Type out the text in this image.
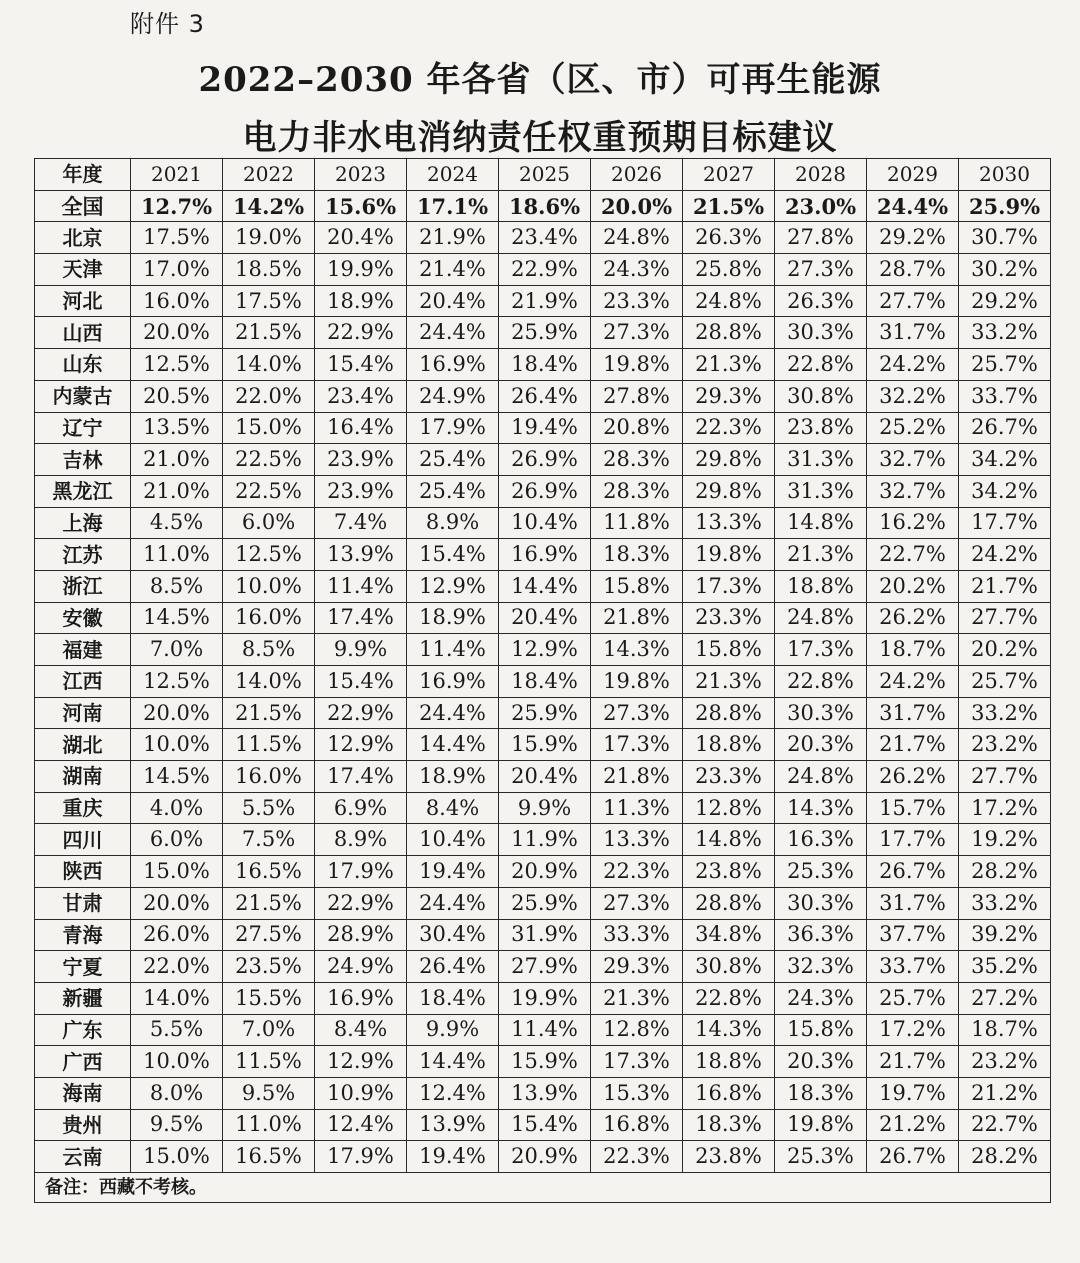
附件 3
2022–2030 年各省（区、市）可再生能源
电力非水电消纳责任权重预期目标建议
年度	2021	2022	2023	2024	2025	2026	2027	2028	2029	2030
全国	12.7%	14.2%	15.6%	17.1%	18.6%	20.0%	21.5%	23.0%	24.4%	25.9%
北京	17.5%	19.0%	20.4%	21.9%	23.4%	24.8%	26.3%	27.8%	29.2%	30.7%
天津	17.0%	18.5%	19.9%	21.4%	22.9%	24.3%	25.8%	27.3%	28.7%	30.2%
河北	16.0%	17.5%	18.9%	20.4%	21.9%	23.3%	24.8%	26.3%	27.7%	29.2%
山西	20.0%	21.5%	22.9%	24.4%	25.9%	27.3%	28.8%	30.3%	31.7%	33.2%
山东	12.5%	14.0%	15.4%	16.9%	18.4%	19.8%	21.3%	22.8%	24.2%	25.7%
内蒙古	20.5%	22.0%	23.4%	24.9%	26.4%	27.8%	29.3%	30.8%	32.2%	33.7%
辽宁	13.5%	15.0%	16.4%	17.9%	19.4%	20.8%	22.3%	23.8%	25.2%	26.7%
吉林	21.0%	22.5%	23.9%	25.4%	26.9%	28.3%	29.8%	31.3%	32.7%	34.2%
黑龙江	21.0%	22.5%	23.9%	25.4%	26.9%	28.3%	29.8%	31.3%	32.7%	34.2%
上海	4.5%	6.0%	7.4%	8.9%	10.4%	11.8%	13.3%	14.8%	16.2%	17.7%
江苏	11.0%	12.5%	13.9%	15.4%	16.9%	18.3%	19.8%	21.3%	22.7%	24.2%
浙江	8.5%	10.0%	11.4%	12.9%	14.4%	15.8%	17.3%	18.8%	20.2%	21.7%
安徽	14.5%	16.0%	17.4%	18.9%	20.4%	21.8%	23.3%	24.8%	26.2%	27.7%
福建	7.0%	8.5%	9.9%	11.4%	12.9%	14.3%	15.8%	17.3%	18.7%	20.2%
江西	12.5%	14.0%	15.4%	16.9%	18.4%	19.8%	21.3%	22.8%	24.2%	25.7%
河南	20.0%	21.5%	22.9%	24.4%	25.9%	27.3%	28.8%	30.3%	31.7%	33.2%
湖北	10.0%	11.5%	12.9%	14.4%	15.9%	17.3%	18.8%	20.3%	21.7%	23.2%
湖南	14.5%	16.0%	17.4%	18.9%	20.4%	21.8%	23.3%	24.8%	26.2%	27.7%
重庆	4.0%	5.5%	6.9%	8.4%	9.9%	11.3%	12.8%	14.3%	15.7%	17.2%
四川	6.0%	7.5%	8.9%	10.4%	11.9%	13.3%	14.8%	16.3%	17.7%	19.2%
陕西	15.0%	16.5%	17.9%	19.4%	20.9%	22.3%	23.8%	25.3%	26.7%	28.2%
甘肃	20.0%	21.5%	22.9%	24.4%	25.9%	27.3%	28.8%	30.3%	31.7%	33.2%
青海	26.0%	27.5%	28.9%	30.4%	31.9%	33.3%	34.8%	36.3%	37.7%	39.2%
宁夏	22.0%	23.5%	24.9%	26.4%	27.9%	29.3%	30.8%	32.3%	33.7%	35.2%
新疆	14.0%	15.5%	16.9%	18.4%	19.9%	21.3%	22.8%	24.3%	25.7%	27.2%
广东	5.5%	7.0%	8.4%	9.9%	11.4%	12.8%	14.3%	15.8%	17.2%	18.7%
广西	10.0%	11.5%	12.9%	14.4%	15.9%	17.3%	18.8%	20.3%	21.7%	23.2%
海南	8.0%	9.5%	10.9%	12.4%	13.9%	15.3%	16.8%	18.3%	19.7%	21.2%
贵州	9.5%	11.0%	12.4%	13.9%	15.4%	16.8%	18.3%	19.8%	21.2%	22.7%
云南	15.0%	16.5%	17.9%	19.4%	20.9%	22.3%	23.8%	25.3%	26.7%	28.2%
备注：西藏不考核。										
